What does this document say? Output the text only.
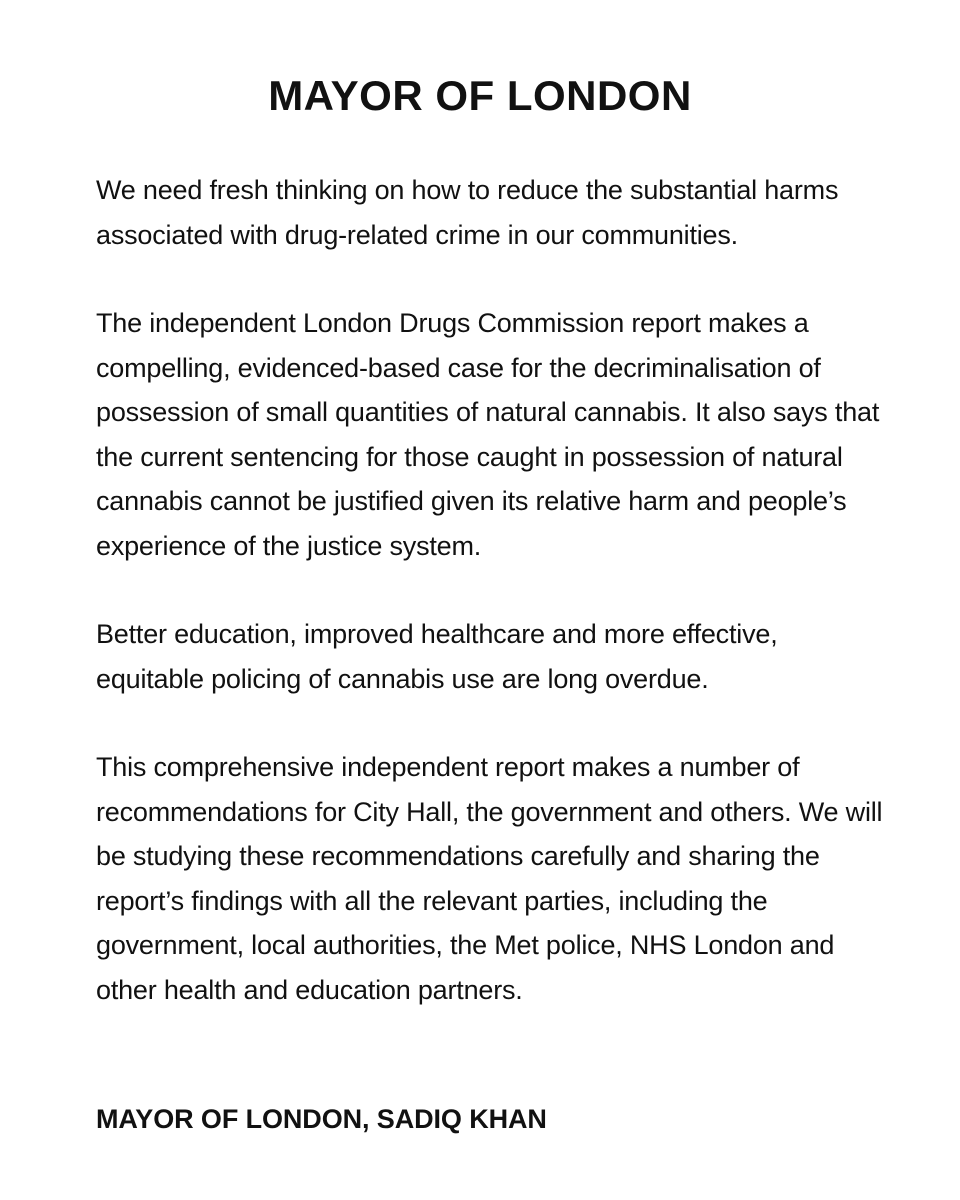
MAYOR OF LONDON

We need fresh thinking on how to reduce the substantial harms associated with drug-related crime in our communities.

The independent London Drugs Commission report makes a compelling, evidenced-based case for the decriminalisation of possession of small quantities of natural cannabis. It also says that the current sentencing for those caught in possession of natural cannabis cannot be justified given its relative harm and people’s experience of the justice system.

Better education, improved healthcare and more effective, equitable policing of cannabis use are long overdue.

This comprehensive independent report makes a number of recommendations for City Hall, the government and others. We will be studying these recommendations carefully and sharing the report’s findings with all the relevant parties, including the government, local authorities, the Met police, NHS London and other health and education partners.

MAYOR OF LONDON, SADIQ KHAN
